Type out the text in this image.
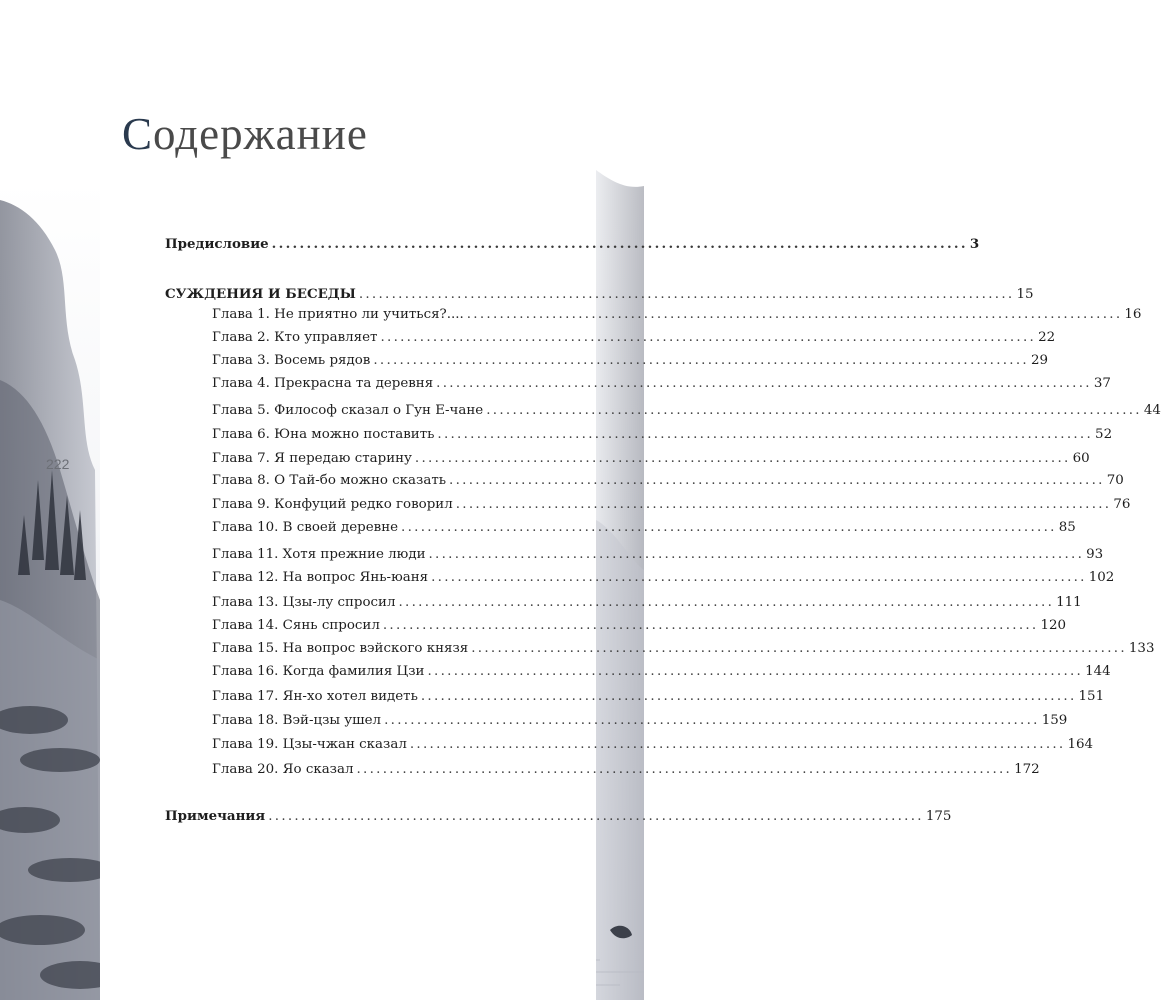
Содержание
222
Предисловие .................................................................................................... 3
СУЖДЕНИЯ И БЕСЕДЫ .................................................................................................... 15
Глава 1. Не приятно ли учиться?.... .................................................................................................... 16
Глава 2. Кто управляет .................................................................................................... 22
Глава 3. Восемь рядов .................................................................................................... 29
Глава 4. Прекрасна та деревня .................................................................................................... 37
Глава 5. Философ сказал о Гун Е-чане .................................................................................................... 44
Глава 6. Юна можно поставить .................................................................................................... 52
Глава 7. Я передаю старину .................................................................................................... 60
Глава 8. О Тай-бо можно сказать .................................................................................................... 70
Глава 9. Конфуций редко говорил .................................................................................................... 76
Глава 10. В своей деревне .................................................................................................... 85
Глава 11. Хотя прежние люди .................................................................................................... 93
Глава 12. На вопрос Янь-юаня .................................................................................................... 102
Глава 13. Цзы-лу спросил .................................................................................................... 111
Глава 14. Сянь спросил .................................................................................................... 120
Глава 15. На вопрос вэйского князя .................................................................................................... 133
Глава 16. Когда фамилия Цзи .................................................................................................... 144
Глава 17. Ян-хо хотел видеть .................................................................................................... 151
Глава 18. Вэй-цзы ушел .................................................................................................... 159
Глава 19. Цзы-чжан сказал .................................................................................................... 164
Глава 20. Яо сказал .................................................................................................... 172
Примечания .................................................................................................... 175
